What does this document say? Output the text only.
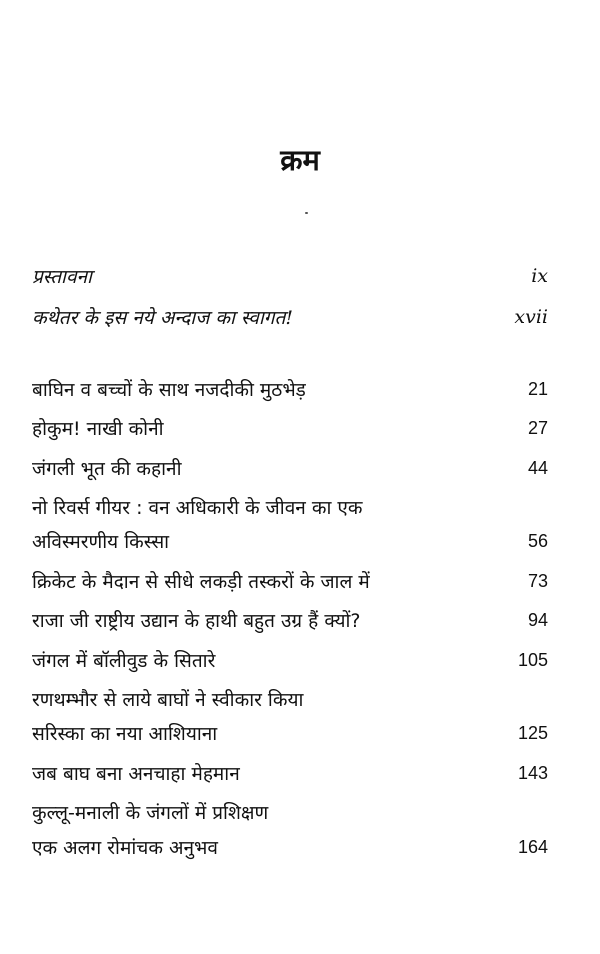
क्रम
प्रस्तावना	ix
कथेतर के इस नये अन्दाज का स्वागत!	xvii
बाघिन व बच्चों के साथ नजदीकी मुठभेड़	21
होकुम! नाखी कोनी	27
जंगली भूत की कहानी	44
नो रिवर्स गीयर : वन अधिकारी के जीवन का एक
अविस्मरणीय किस्सा	56
क्रिकेट के मैदान से सीधे लकड़ी तस्करों के जाल में	73
राजा जी राष्ट्रीय उद्यान के हाथी बहुत उग्र हैं क्यों?	94
जंगल में बॉलीवुड के सितारे	105
रणथम्भौर से लाये बाघों ने स्वीकार किया
सरिस्का का नया आशियाना	125
जब बाघ बना अनचाहा मेहमान	143
कुल्लू-मनाली के जंगलों में प्रशिक्षण
एक अलग रोमांचक अनुभव	164
